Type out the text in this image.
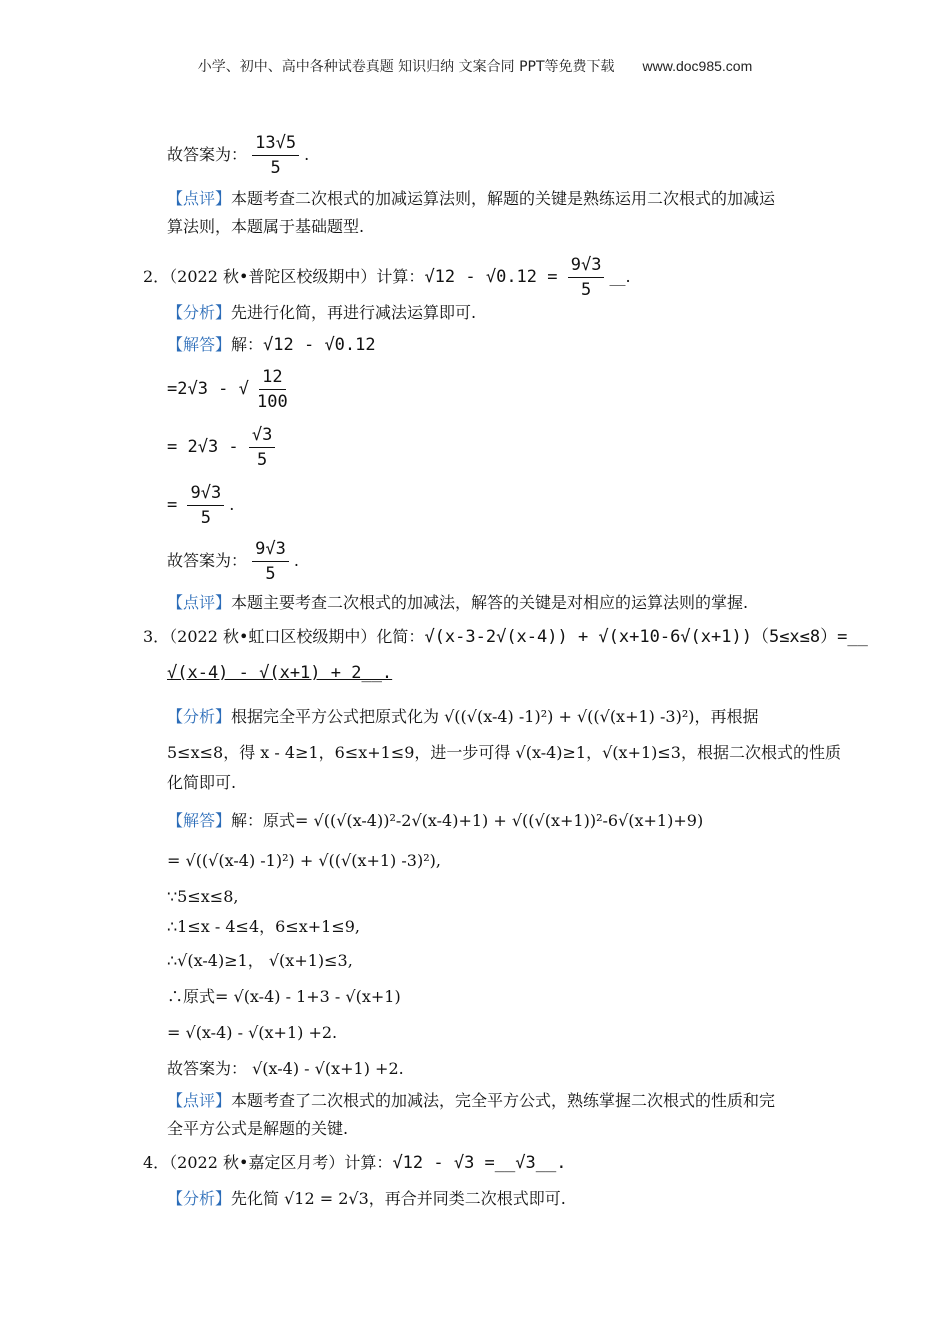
小学、初中、高中各种试卷真题 知识归纳 文案合同 PPT等免费下载 www.doc985.com
故答案为： $\frac{13√5}{5}$ .
【点评】本题考查二次根式的加减运算法则，解题的关键是熟练运用二次根式的加减运
算法则，本题属于基础题型.
2．（2022 秋•普陀区校级期中）计算：$√12 - √0.12 = \frac{9√3}{5}$ __.
【分析】先进行化简，再进行减法运算即可.
【解答】解：√12 - √0.12
=2√3 - √ $\frac{12}{100}$
= $2√3 - \frac{√3}{5}$
= $\frac{9√3}{5}$ .
故答案为： $\frac{9√3}{5}$ .
【点评】本题主要考查二次根式的加减法，解答的关键是对相应的运算法则的掌握.
3．（2022 秋•虹口区校级期中）化简：√(x-3-2√(x-4)) + √(x+10-6√(x+1))（5≤x≤8）=__
√(x-4) - √(x+1) + 2__.
【分析】根据完全平方公式把原式化为 √((√(x-4) -1)²) + √((√(x+1) -3)²)，再根据
5≤x≤8，得 x - 4≥1，6≤x+1≤9，进一步可得 √(x-4)≥1，√(x+1)≤3，根据二次根式的性质
化简即可.
【解答】解：原式= √((√(x-4))²-2√(x-4)+1) + √((√(x+1))²-6√(x+1)+9)
= √((√(x-4) -1)²) + √((√(x+1) -3)²),
∵5≤x≤8,
∴1≤x - 4≤4，6≤x+1≤9,
∴√(x-4)≥1， √(x+1)≤3,
∴原式= √(x-4) - 1+3 - √(x+1)
= √(x-4) - √(x+1) +2.
故答案为： √(x-4) - √(x+1) +2.
【点评】本题考查了二次根式的加减法，完全平方公式，熟练掌握二次根式的性质和完
全平方公式是解题的关键.
4．（2022 秋•嘉定区月考）计算：√12 - √3 =__√3__.
【分析】先化简 √12 = 2√3，再合并同类二次根式即可.
